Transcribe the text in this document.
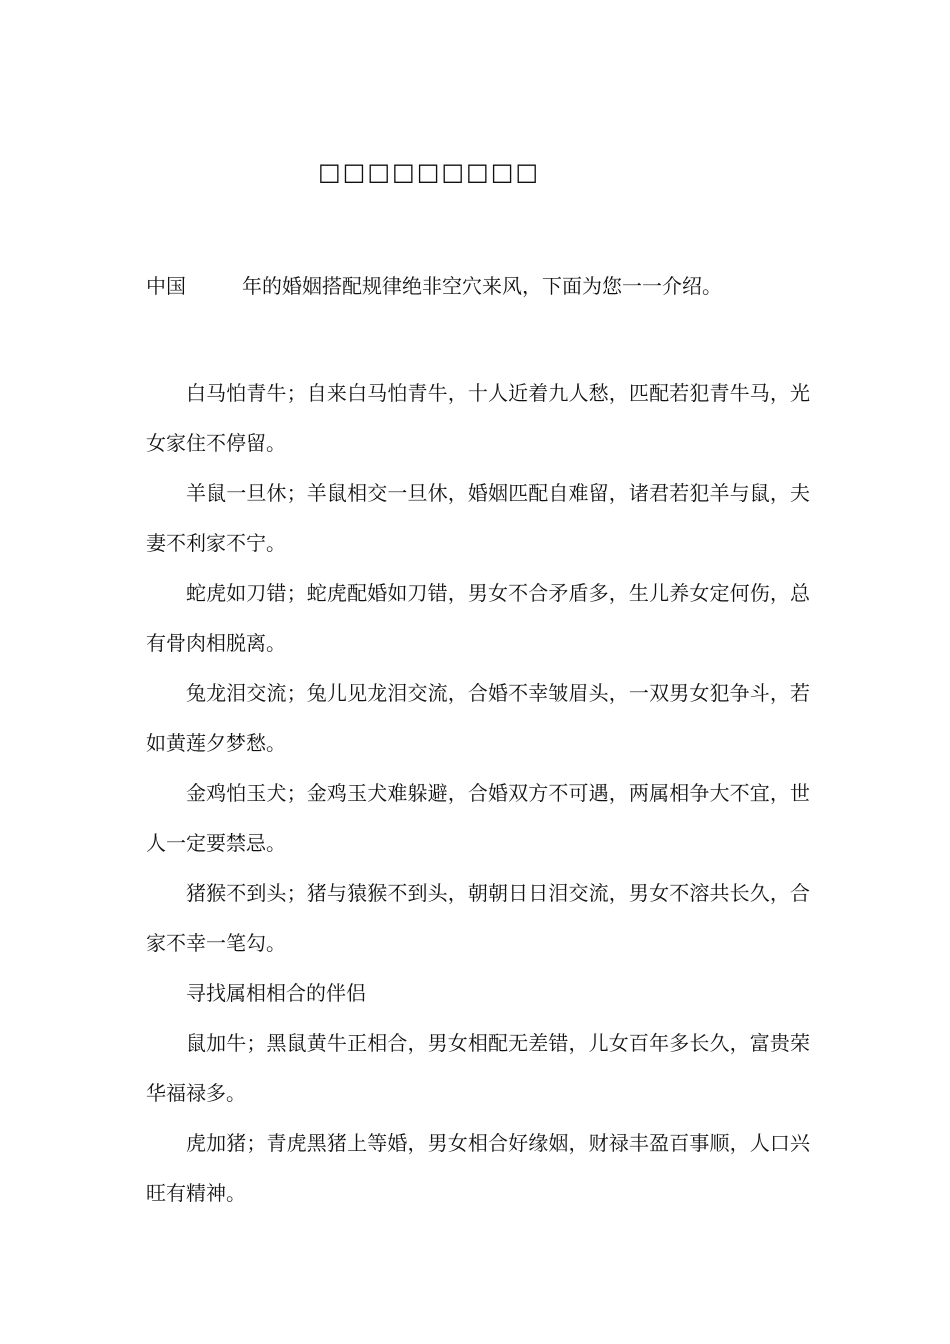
□□□□□□□□□
中国	年的婚姻搭配规律绝非空穴来风，下面为您一一介绍。

白马怕青牛；自来白马怕青牛，十人近着九人愁，匹配若犯青牛马，光女家住不停留。

羊鼠一旦休；羊鼠相交一旦休，婚姻匹配自难留，诸君若犯羊与鼠，夫妻不利家不宁。

蛇虎如刀错；蛇虎配婚如刀错，男女不合矛盾多，生儿养女定何伤，总有骨肉相脱离。

兔龙泪交流；兔儿见龙泪交流，合婚不幸皱眉头，一双男女犯争斗，若如黄莲夕梦愁。

金鸡怕玉犬；金鸡玉犬难躲避，合婚双方不可遇，两属相争大不宜，世人一定要禁忌。

猪猴不到头；猪与猿猴不到头，朝朝日日泪交流，男女不溶共长久，合家不幸一笔勾。

寻找属相相合的伴侣

鼠加牛；黑鼠黄牛正相合，男女相配无差错，儿女百年多长久，富贵荣华福禄多。

虎加猪；青虎黑猪上等婚，男女相合好缘姻，财禄丰盈百事顺，人口兴旺有精神。
